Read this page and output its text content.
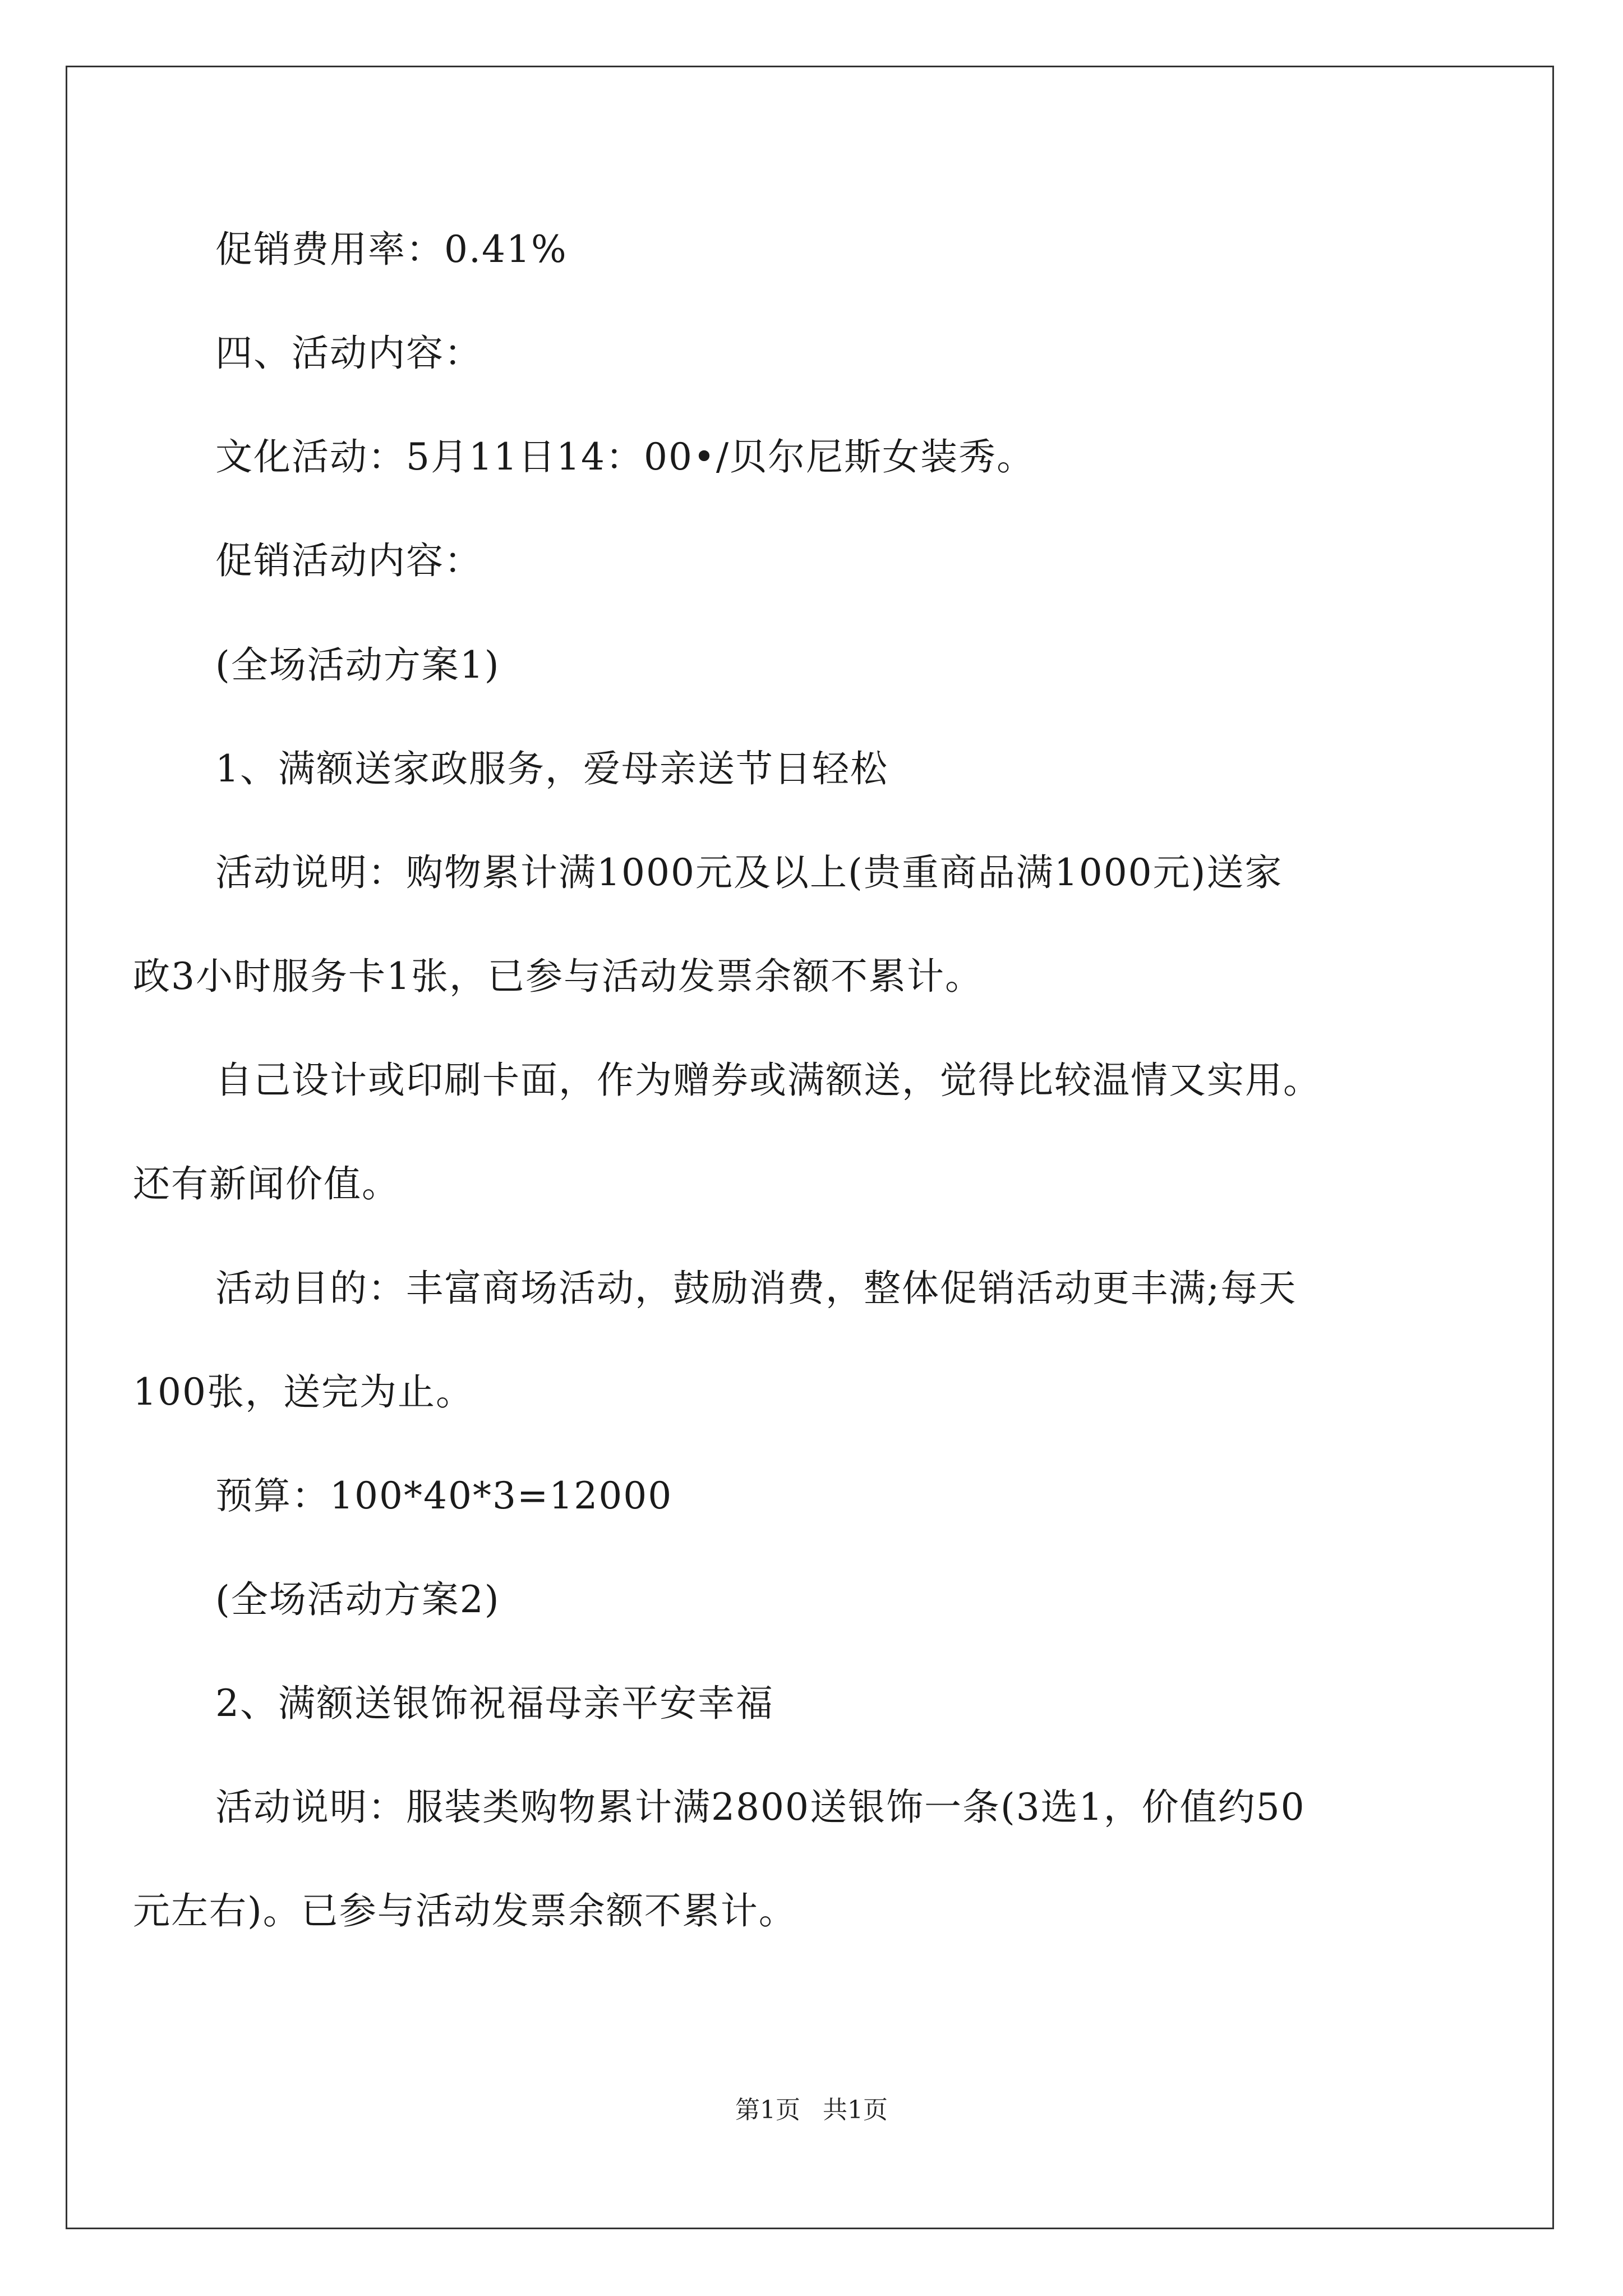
促销费用率：0.41%
四、活动内容：
文化活动：5月11日14：00•/贝尔尼斯女装秀。
促销活动内容：
(全场活动方案1)
1、满额送家政服务，爱母亲送节日轻松
活动说明：购物累计满1000元及以上(贵重商品满1000元)送家
政3小时服务卡1张，已参与活动发票余额不累计。
自己设计或印刷卡面，作为赠券或满额送，觉得比较温情又实用。
还有新闻价值。
活动目的：丰富商场活动，鼓励消费，整体促销活动更丰满;每天
100张，送完为止。
预算：100*40*3=12000
(全场活动方案2)
2、满额送银饰祝福母亲平安幸福
活动说明：服装类购物累计满2800送银饰一条(3选1，价值约50
元左右)。已参与活动发票余额不累计。
第1页 共1页
